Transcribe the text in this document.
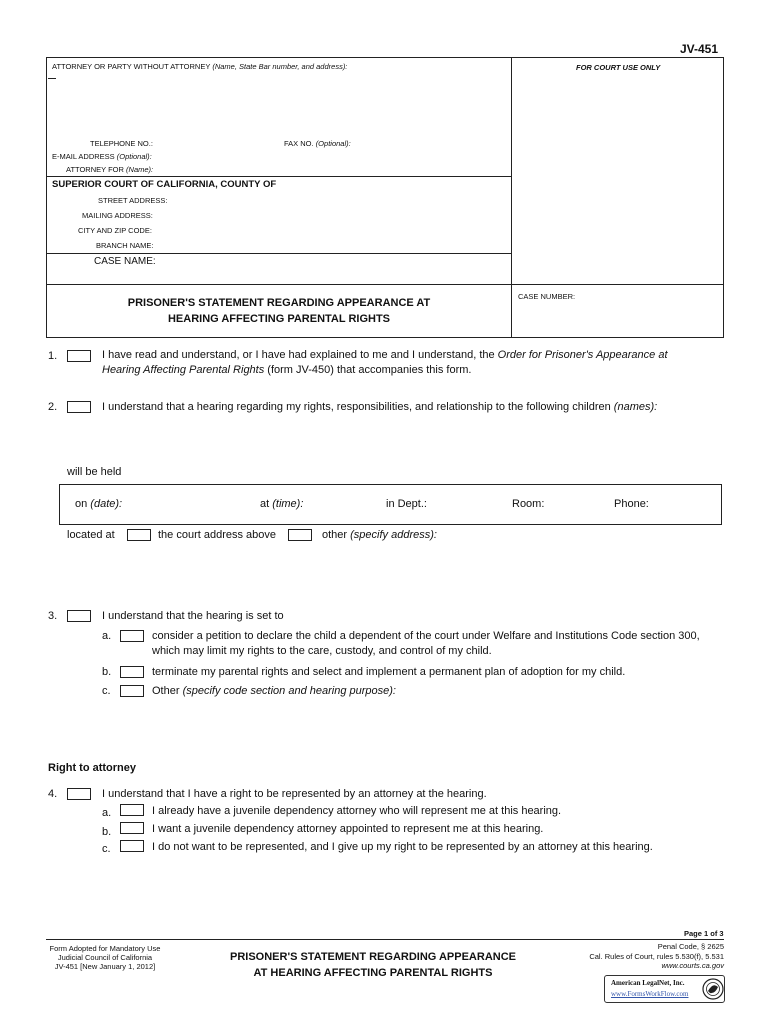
JV-451
ATTORNEY OR PARTY WITHOUT ATTORNEY (Name, State Bar number, and address):	FOR COURT USE ONLY
TELEPHONE NO.:	FAX NO. (Optional):
E-MAIL ADDRESS (Optional):
ATTORNEY FOR (Name):
SUPERIOR COURT OF CALIFORNIA, COUNTY OF
STREET ADDRESS:
MAILING ADDRESS:
CITY AND ZIP CODE:
BRANCH NAME:
CASE NAME:
PRISONER'S STATEMENT REGARDING APPEARANCE AT
HEARING AFFECTING PARENTAL RIGHTS
CASE NUMBER:
1.	I have read and understand, or I have had explained to me and I understand, the Order for Prisoner's Appearance at
Hearing Affecting Parental Rights (form JV-450) that accompanies this form.
2.	I understand that a hearing regarding my rights, responsibilities, and relationship to the following children (names):
will be held
on (date):	at (time):	in Dept.:	Room:	Phone:
located at	the court address above	other (specify address):
3.	I understand that the hearing is set to
a.	consider a petition to declare the child a dependent of the court under Welfare and Institutions Code section 300,
which may limit my rights to the care, custody, and control of my child.
b.	terminate my parental rights and select and implement a permanent plan of adoption for my child.
c.	Other (specify code section and hearing purpose):
Right to attorney
4.	I understand that I have a right to be represented by an attorney at the hearing.
a.	I already have a juvenile dependency attorney who will represent me at this hearing.
b.	I want a juvenile dependency attorney appointed to represent me at this hearing.
c.	I do not want to be represented, and I give up my right to be represented by an attorney at this hearing.
Page 1 of 3
Form Adopted for Mandatory Use
Judicial Council of California
JV-451 [New January 1, 2012]
PRISONER'S STATEMENT REGARDING APPEARANCE
AT HEARING AFFECTING PARENTAL RIGHTS
Penal Code, § 2625
Cal. Rules of Court, rules 5.530(f), 5.531
www.courts.ca.gov
American LegalNet, Inc.
www.FormsWorkFlow.com
